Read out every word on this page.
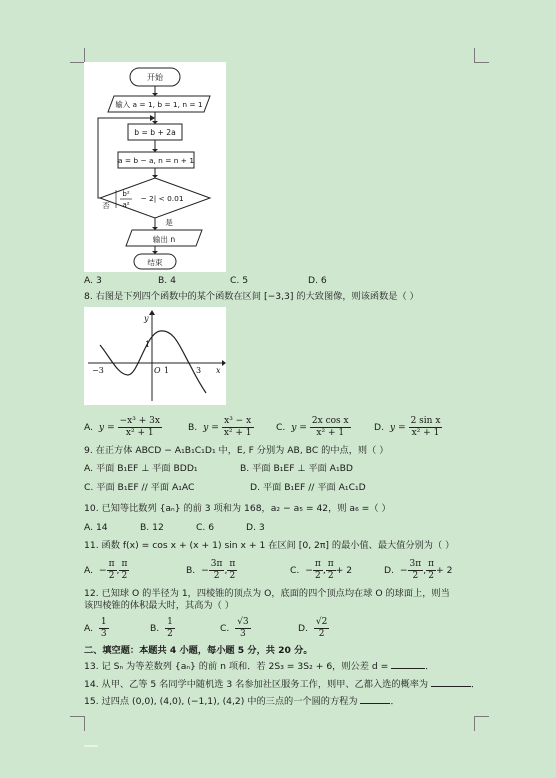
开始
输入 a = 1, b = 1, n = 1
b = b + 2a
a = b − a, n = n + 1
b²
a²
− 2| < 0.01
否
是
输出 n
结束
A. 3	B. 4	C. 5	D. 6
8. 右图是下列四个函数中的某个函数在区间 [−3,3] 的大致图像，则该函数是（ ）
y
x
O
−3	3
1
1
A. $y = \frac{\text{−x³ + 3x}}{\text{x² + 1}}$	B. $y = \frac{\text{x³ − x}}{\text{x² + 1}} C$. $y = \frac{\text{2x cos x}}{\text{x² + 1}}$	D. $y = \frac{\text{2 sin x}}{\text{x² + 1}}$
9. 在正方体 ABCD − A₁B₁C₁D₁ 中，E, F 分别为 AB, BC 的中点，则（ ）
A. 平面 B₁EF ⊥ 平面 BDD₁	B. 平面 B₁EF ⊥ 平面 A₁BD
C. 平面 B₁EF // 平面 A₁AC	D. 平面 B₁EF // 平面 A₁C₁D
10. 已知等比数列 {aₙ} 的前 3 项和为 168，a₂ − a₅ = 42，则 a₆ =（ ）
A. 14	B. 12	C. 6	D. 3
11. 函数 f(x) = cos x + (x + 1) sin x + 1 在区间 [0, 2π] 的最小值、最大值分别为（ ）
A. − $\frac{\pi}{2}$ , $\frac{\pi}{2}$	B. − $\frac{3\pi}{2}$ , $\frac{\pi}{2}$	C. − $\frac{\pi}{2}$ , $\frac{\pi}{2} + 2$	D. − $\frac{3\pi}{2}$ , $\frac{\pi}{2} + 2$
12. 已知球 O 的半径为 1，四棱锥的顶点为 O，底面的四个顶点均在球 O 的球面上，则当
该四棱锥的体积最大时，其高为（ ）
A. $\frac{1}{3}$	B. $\frac{1}{2}$	C. $\frac{√3}{3}$	D. $\frac{√2}{2}$
二、填空题：本题共 4 小题，每小题 5 分，共 20 分。
13. 记 Sₙ 为等差数列 {aₙ} 的前 n 项和．若 2S₃ = 3S₂ + 6，则公差 d =	．
14. 从甲、乙等 5 名同学中随机选 3 名参加社区服务工作，则甲、乙都入选的概率为	．
15. 过四点 (0,0), (4,0), (−1,1), (4,2) 中的三点的一个圆的方程为	．
